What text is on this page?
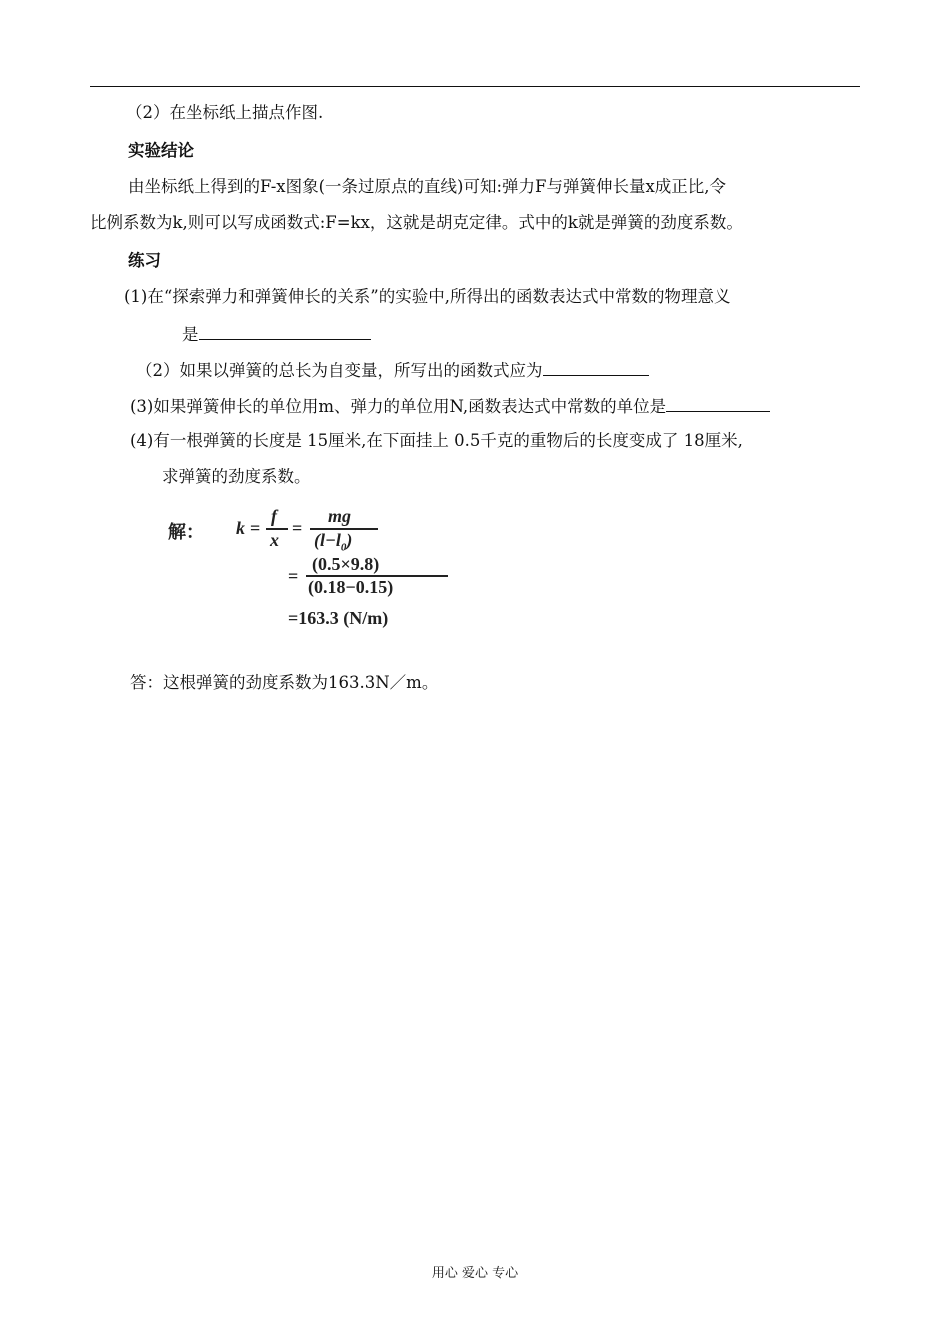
（2）在坐标纸上描点作图.
实验结论
由坐标纸上得到的F-x图象(一条过原点的直线)可知:弹力F与弹簧伸长量x成正比,令
比例系数为k,则可以写成函数式:F=kx，这就是胡克定律。式中的k就是弹簧的劲度系数。
练习
(1)在“探索弹力和弹簧伸长的关系”的实验中,所得出的函数表达式中常数的物理意义
是
（2）如果以弹簧的总长为自变量，所写出的函数式应为
(3)如果弹簧伸长的单位用m、弹力的单位用N,函数表达式中常数的单位是
(4)有一根弹簧的长度是 15厘米,在下面挂上 0.5千克的重物后的长度变成了 18厘米,
求弹簧的劲度系数。
解： k =
f
x
=
mg
$(l-l_0)$
=
(0.5×9.8)
(0.18−0.15)
=163.3 (N/m)
答：这根弹簧的劲度系数为163.3N／m。
用心 爱心 专心
